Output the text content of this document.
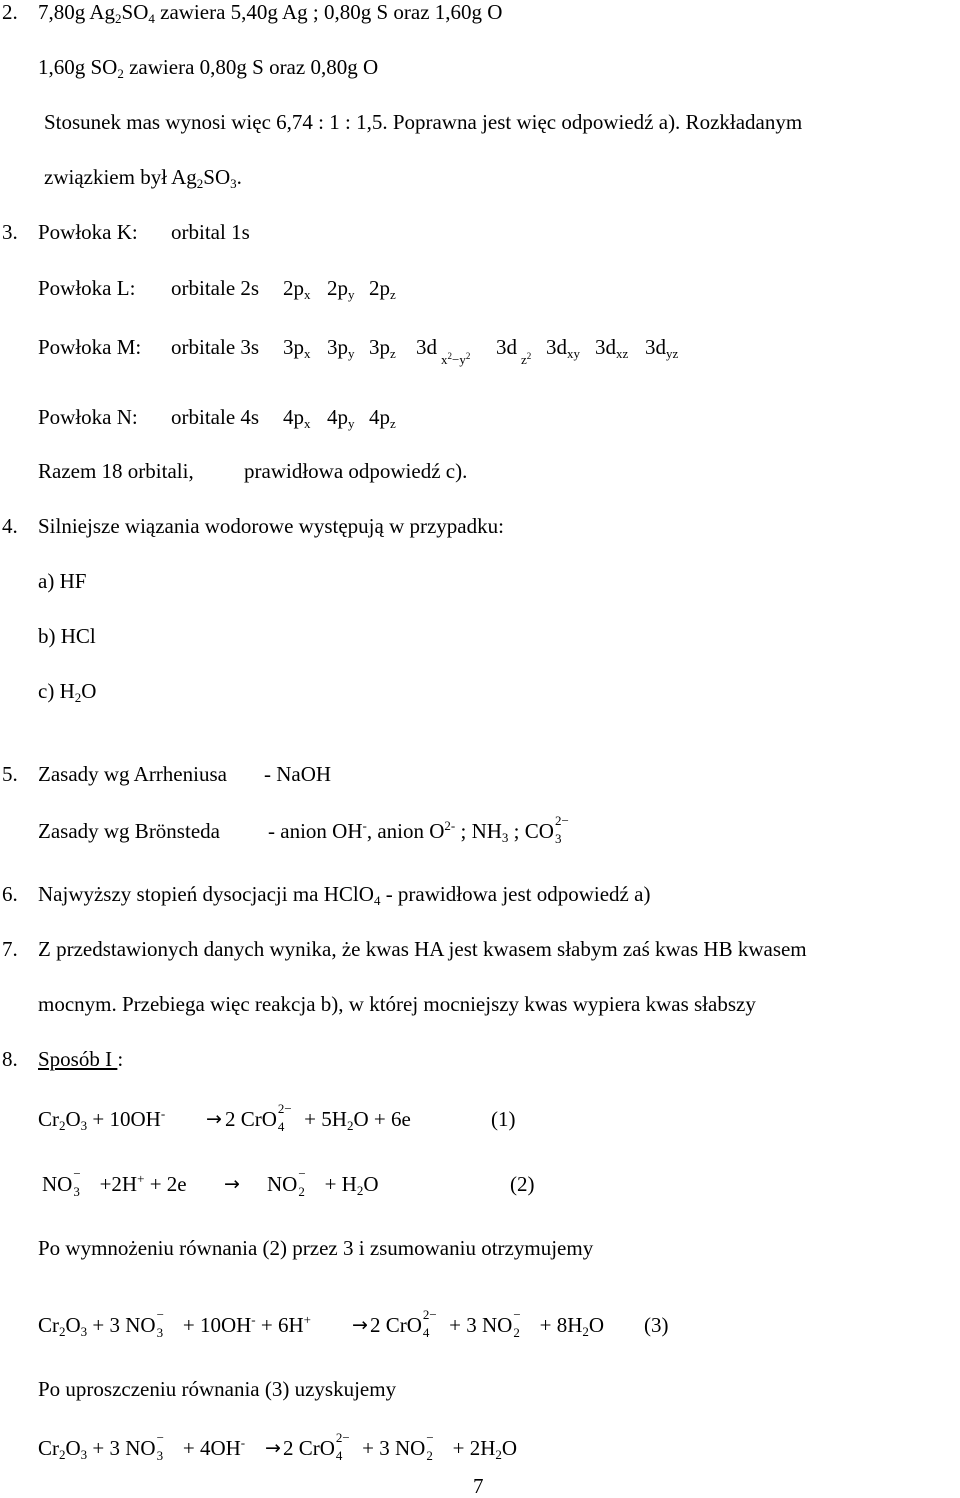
2. 7,80g Ag2SO4 zawiera 5,40g Ag ; 0,80g S oraz 1,60g O
1,60g SO2 zawiera 0,80g S oraz 0,80g O
Stosunek mas wynosi więc 6,74 : 1 : 1,5. Poprawna jest więc odpowiedź a). Rozkładanym
związkiem był Ag2SO3.
3. Powłoka K: orbital 1s
Powłoka L: orbitale 2s 2px 2py 2pz
Powłoka M: orbitale 3s 3px 3py 3pz 3d
$x^2-y^2$ 3d
$z^2$ 3dxy 3dxz 3dyz
Powłoka N: orbitale 4s 4px 4py 4pz
Razem 18 orbitali, prawidłowa odpowiedź c).
4. Silniejsze wiązania wodorowe występują w przypadku:
a) HF
b) HCl
c) H2O
5. Zasady wg Arrheniusa - NaOH
Zasady wg Brönsteda - anion OH-, anion $O^{2-}$ ; NH3 ; CO 2−
3
6. Najwyższy stopień dysocjacji ma HClO4 - prawidłowa jest odpowiedź a)
7. Z przedstawionych danych wynika, że kwas HA jest kwasem słabym zaś kwas HB kwasem
mocnym. Przebiega więc reakcja b), w której mocniejszy kwas wypiera kwas słabszy
8. Sposób I :
Cr2O3 + 10OH- → 2 CrO 2−
4 + 5H2O + 6e	(1)
NO −
3 +2H+ + 2e → NO −
2 + H2O	(2)
Po wymnożeniu równania (2) przez 3 i zsumowaniu otrzymujemy
Cr2O3 + 3 NO −
3 + 10OH- + 6H+ → 2 CrO 2−
4 + 3 NO −
2 + 8H2O (3)
Po uproszczeniu równania (3) uzyskujemy
Cr2O3 + 3 NO −
3 + 4OH- → 2 CrO 2−
4 + 3 NO −
2 + 2H2O
7
